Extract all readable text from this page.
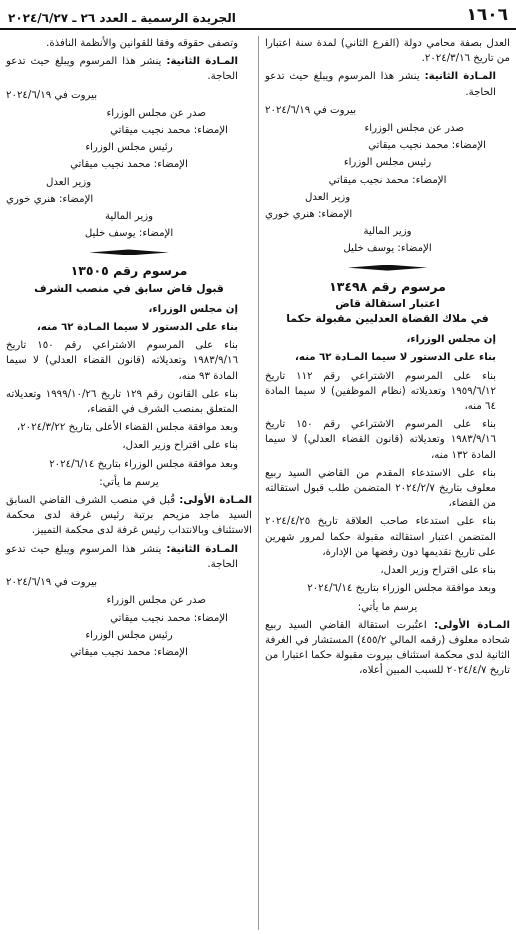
١٦٠٦
الجريدة الرسمية ـ العدد ٢٦ ـ ٢٠٢٤/٦/٢٧

العدل بصفة محامي دولة (الفرع الثاني) لمدة سنة اعتبارا من تاريخ ٢٠٢٤/٣/١٦.

المـادة الثانية: ينشر هذا المرسوم ويبلغ حيث تدعو الحاجة.

بيروت في ٢٠٢٤/٦/١٩

صدر عن مجلس الوزراء

الإمضاء: محمد نجيب ميقاتي

رئيس مجلس الوزراء

الإمضاء: محمد نجيب ميقاتي

وزير العدل

الإمضاء: هنري خوري

وزير المالية

الإمضاء: يوسف خليل

مرسوم رقم ١٣٤٩٨
اعتبار استقالة قاض
في ملاك القضاة العدليين مقبولة حكما

إن مجلس الوزراء،

بناء على الدستور لا سيما المـادة ٦٢ منه،

بناء على المرسوم الاشتراعي رقم ١١٢ تاريخ ١٩٥٩/٦/١٢ وتعديلاته (نظام الموظفين) لا سيما المادة ٦٤ منه،

بناء على المرسوم الاشتراعي رقم ١٥٠ تاريخ ١٩٨٣/٩/١٦ وتعديلاته (قانون القضاء العدلي) لا سيما المادة ١٣٢ منه،

بناء على الاستدعاء المقدم من القاضي السيد ربيع معلوف بتاريخ ٢٠٢٤/٢/٧ المتضمن طلب قبول استقالته من القضاء،

بناء على استدعاء صاحب العلاقة تاريخ ٢٠٢٤/٤/٢٥ المتضمن اعتبار استقالته مقبولة حكما لمرور شهرين على تاريخ تقديمها دون رفضها من الإدارة،

بناء على اقتراح وزير العدل،

وبعد موافقة مجلس الوزراء بتاريخ ٢٠٢٤/٦/١٤

يرسم ما يأتي:

المـادة الأولى: اعتُبرت استقالة القاضي السيد ربيع شحاده معلوف (رقمه المالي ٤٥٥/٢) المستشار في الغرفة الثانية لدى محكمة استئناف بيروت مقبولة حكما اعتبارا من تاريخ ٢٠٢٤/٤/٧ للسبب المبين أعلاه،

وتصفى حقوقه وفقا للقوانين والأنظمة النافذة.

المـادة الثانية: ينشر هذا المرسوم ويبلغ حيث تدعو الحاجة.

بيروت في ٢٠٢٤/٦/١٩

صدر عن مجلس الوزراء

الإمضاء: محمد نجيب ميقاتي

رئيس مجلس الوزراء

الإمضاء: محمد نجيب ميقاتي

وزير العدل

الإمضاء: هنري خوري

وزير المالية

الإمضاء: يوسف خليل

مرسوم رقم ١٣٥٠٥
قبول قاض سابق في منصب الشرف

إن مجلس الوزراء،

بناء على الدستور لا سيما المـادة ٦٢ منه،

بناء على المرسوم الاشتراعي رقم ١٥٠ تاريخ ١٩٨٣/٩/١٦ وتعديلاته (قانون القضاء العدلي) لا سيما المادة ٩٣ منه،

بناء على القانون رقم ١٢٩ تاريخ ١٩٩٩/١٠/٢٦ وتعديلاته المتعلق بمنصب الشرف في القضاء،

وبعد موافقة مجلس القضاء الأعلى بتاريخ ٢٠٢٤/٣/٢٢،

بناء على اقتراح وزير العدل،

وبعد موافقة مجلس الوزراء بتاريخ ٢٠٢٤/٦/١٤

يرسم ما يأتي:

المـادة الأولى: قُبل في منصب الشرف القاضي السابق السيد ماجد مزيحم برتبة رئيس غرفة لدى محكمة الاستئناف وبالانتداب رئيس غرفة لدى محكمة التمييز.

المـادة الثانية: ينشر هذا المرسوم ويبلغ حيث تدعو الحاجة.

بيروت في ٢٠٢٤/٦/١٩

صدر عن مجلس الوزراء

الإمضاء: محمد نجيب ميقاتي

رئيس مجلس الوزراء

الإمضاء: محمد نجيب ميقاتي
